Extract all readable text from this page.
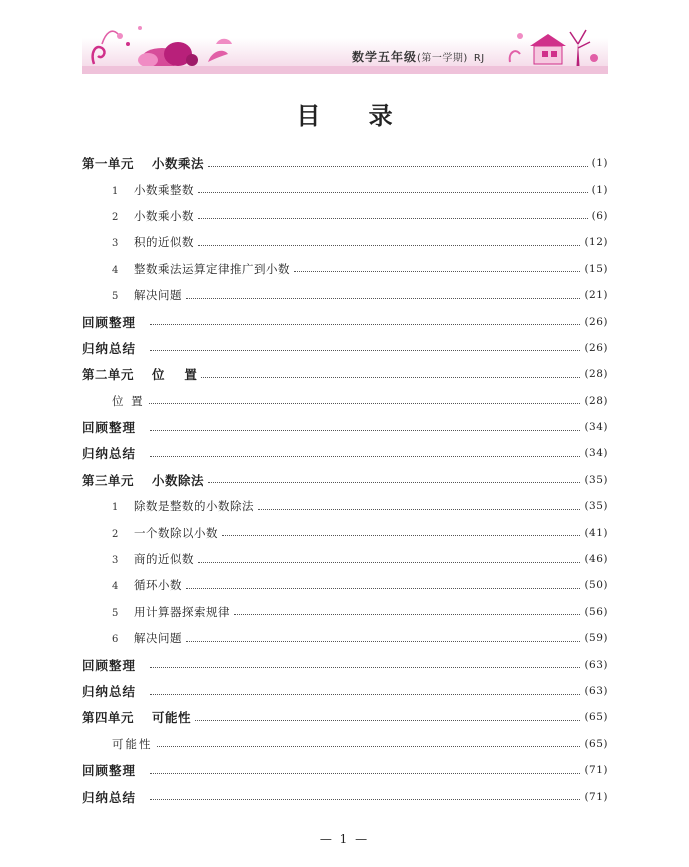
数学五年级(第一学期) RJ
目 录
第一单元 小数乘法	(1)
1 小数乘整数	(1)
2 小数乘小数	(6)
3 积的近似数	(12)
4 整数乘法运算定律推广到小数	(15)
5 解决问题	(21)
回顾整理	(26)
归纳总结	(26)
第二单元 位    置	(28)
位 置	(28)
回顾整理	(34)
归纳总结	(34)
第三单元 小数除法	(35)
1 除数是整数的小数除法	(35)
2 一个数除以小数	(41)
3 商的近似数	(46)
4 循环小数	(50)
5 用计算器探索规律	(56)
6 解决问题	(59)
回顾整理	(63)
归纳总结	(63)
第四单元 可能性	(65)
可能性	(65)
回顾整理	(71)
归纳总结	(71)
— 1 —
